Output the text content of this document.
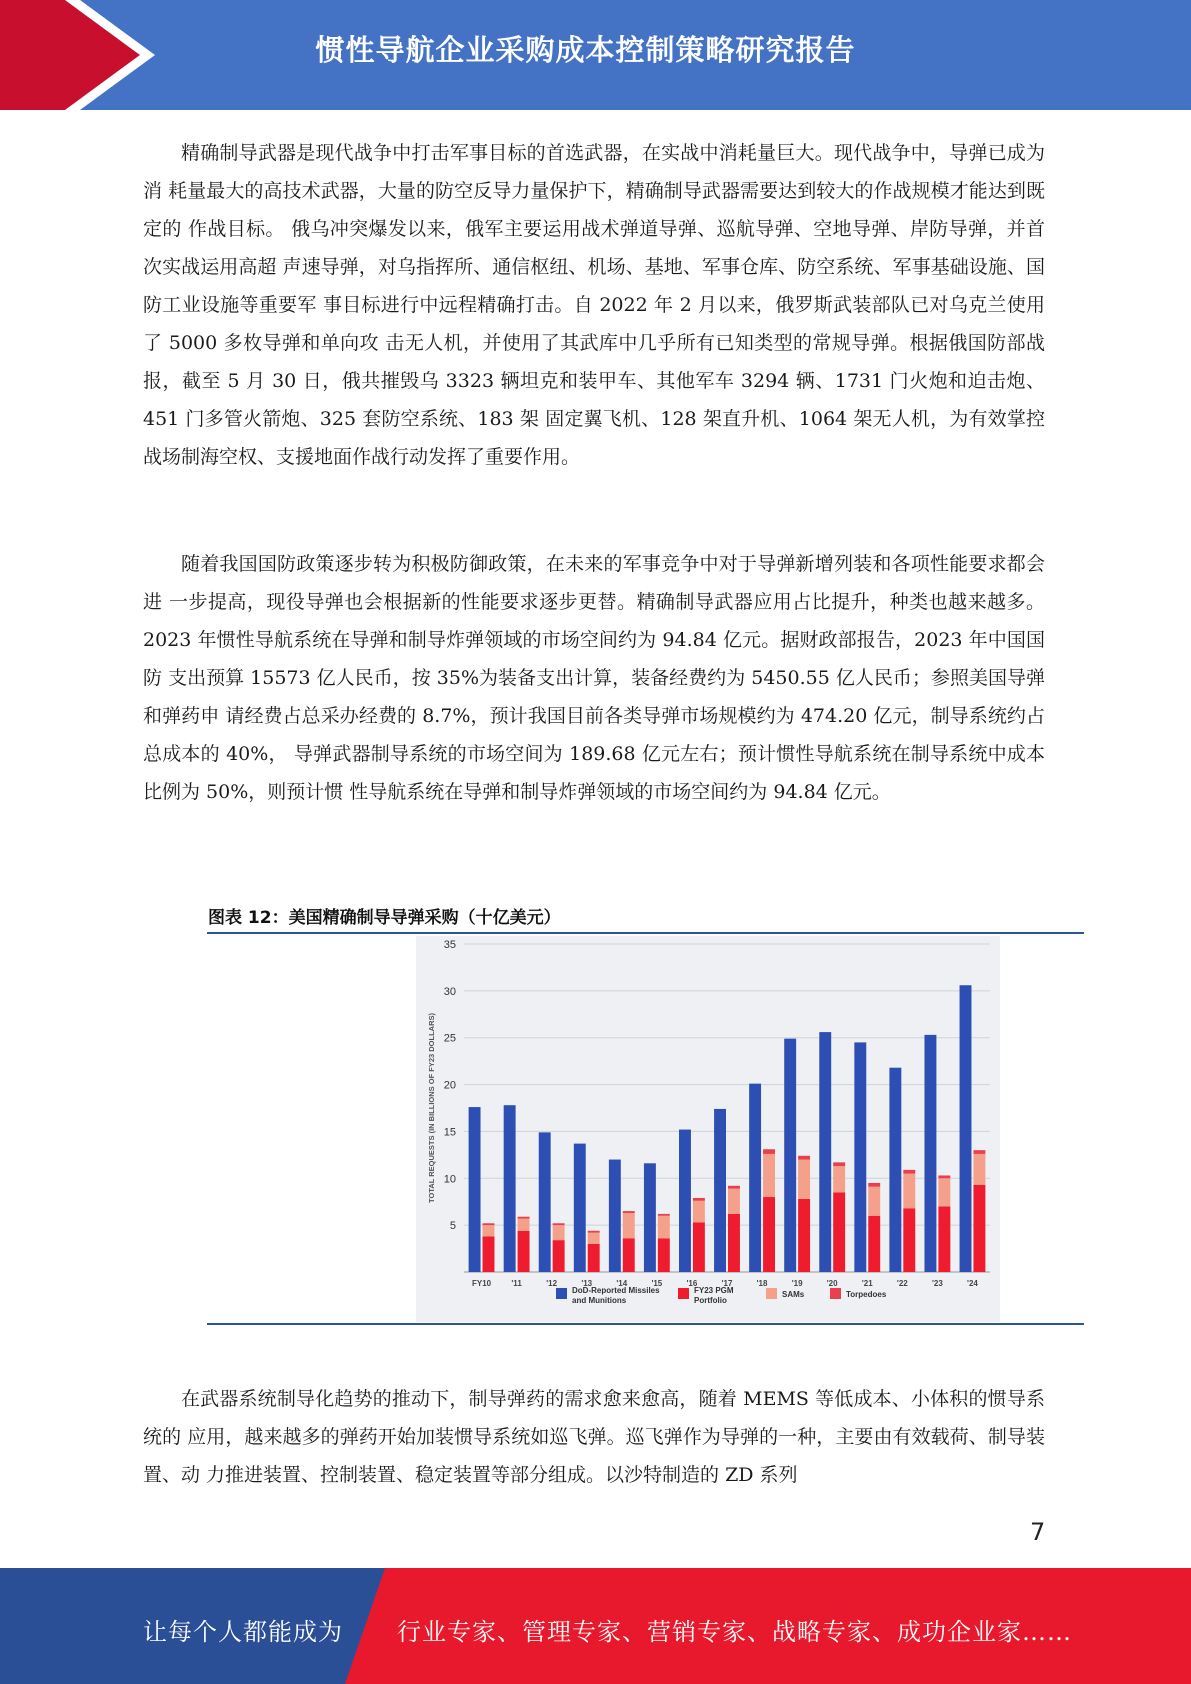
惯性导航企业采购成本控制策略研究报告

精确制导武器是现代战争中打击军事目标的首选武器，在实战中消耗量巨大。现代战争中，导弹已成为消 耗量最大的高技术武器，大量的防空反导力量保护下，精确制导武器需要达到较大的作战规模才能达到既定的 作战目标。 俄乌冲突爆发以来，俄军主要运用战术弹道导弹、巡航导弹、空地导弹、岸防导弹，并首次实战运用高超 声速导弹，对乌指挥所、通信枢纽、机场、基地、军事仓库、防空系统、军事基础设施、国防工业设施等重要军 事目标进行中远程精确打击。自 2022 年 2 月以来，俄罗斯武装部队已对乌克兰使用了 5000 多枚导弹和单向攻 击无人机，并使用了其武库中几乎所有已知类型的常规导弹。根据俄国防部战报，截至 5 月 30 日，俄共摧毁乌 3323 辆坦克和装甲车、其他军车 3294 辆、1731 门火炮和迫击炮、451 门多管火箭炮、325 套防空系统、183 架 固定翼飞机、128 架直升机、1064 架无人机，为有效掌控战场制海空权、支援地面作战行动发挥了重要作用。

随着我国国防政策逐步转为积极防御政策，在未来的军事竞争中对于导弹新增列装和各项性能要求都会进 一步提高，现役导弹也会根据新的性能要求逐步更替。精确制导武器应用占比提升，种类也越来越多。 2023 年惯性导航系统在导弹和制导炸弹领域的市场空间约为 94.84 亿元。据财政部报告，2023 年中国国防 支出预算 15573 亿人民币，按 35%为装备支出计算，装备经费约为 5450.55 亿人民币；参照美国导弹和弹药申 请经费占总采办经费的 8.7%，预计我国目前各类导弹市场规模约为 474.20 亿元，制导系统约占总成本的 40%， 导弹武器制导系统的市场空间为 189.68 亿元左右；预计惯性导航系统在制导系统中成本比例为 50%，则预计惯 性导航系统在导弹和制导炸弹领域的市场空间约为 94.84 亿元。

图表 12：美国精确制导导弹采购（十亿美元）
5
10
15
20
25
30
35
TOTAL REQUESTS (IN BILLIONS OF FY23 DOLLARS)
FY10	'11	'12	'13	'14	'15	'16	'17	'18	'19	'20	'21	'22	'23	'24
DoD-Reported Missiles and Munitions
FY23 PGM Portfolio
SAMs	Torpedoes

在武器系统制导化趋势的推动下，制导弹药的需求愈来愈高，随着 MEMS 等低成本、小体积的惯导系统的 应用，越来越多的弹药开始加装惯导系统如巡飞弹。巡飞弹作为导弹的一种，主要由有效载荷、制导装置、动 力推进装置、控制装置、稳定装置等部分组成。以沙特制造的 ZD 系列

7
让每个人都能成为 行业专家、管理专家、营销专家、战略专家、成功企业家……
